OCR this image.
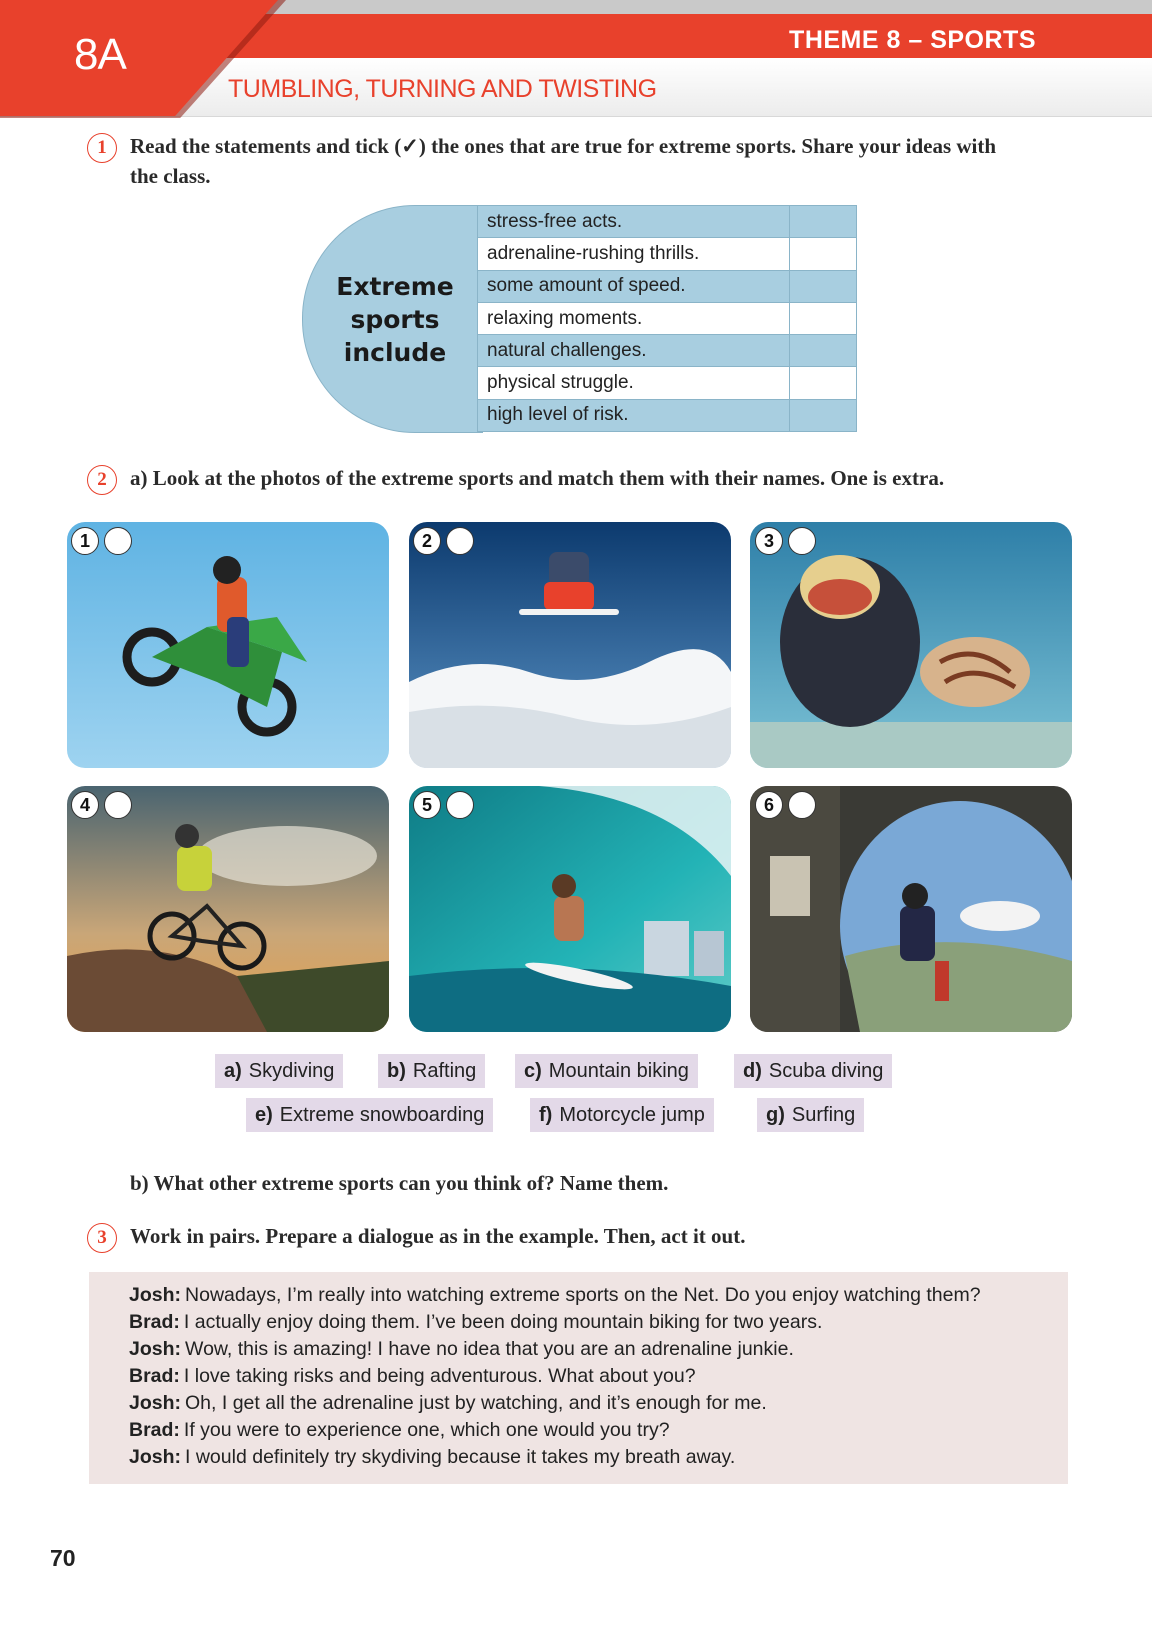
8A	THEME 8 – SPORTS
TUMBLING, TURNING AND TWISTING
1	Read the statements and tick (✓) the ones that are true for extreme sports. Share your ideas with
the class.
Extreme
sports
include
stress-free acts.	
adrenaline-rushing thrills.	
some amount of speed.	
relaxing moments.	
natural challenges.	
physical struggle.	
high level of risk.	
2	a) Look at the photos of the extreme sports and match them with their names. One is extra.
1	2	3
4	5	6
a) Skydiving	b) Rafting	c) Mountain biking	d) Scuba diving
e) Extreme snowboarding	f) Motorcycle jump	g) Surfing
b) What other extreme sports can you think of? Name them.
3	Work in pairs. Prepare a dialogue as in the example. Then, act it out.
Josh: Nowadays, I’m really into watching extreme sports on the Net. Do you enjoy watching them?
Brad: I actually enjoy doing them. I’ve been doing mountain biking for two years.
Josh: Wow, this is amazing! I have no idea that you are an adrenaline junkie.
Brad: I love taking risks and being adventurous. What about you?
Josh: Oh, I get all the adrenaline just by watching, and it’s enough for me.
Brad: If you were to experience one, which one would you try?
Josh: I would definitely try skydiving because it takes my breath away.
70
